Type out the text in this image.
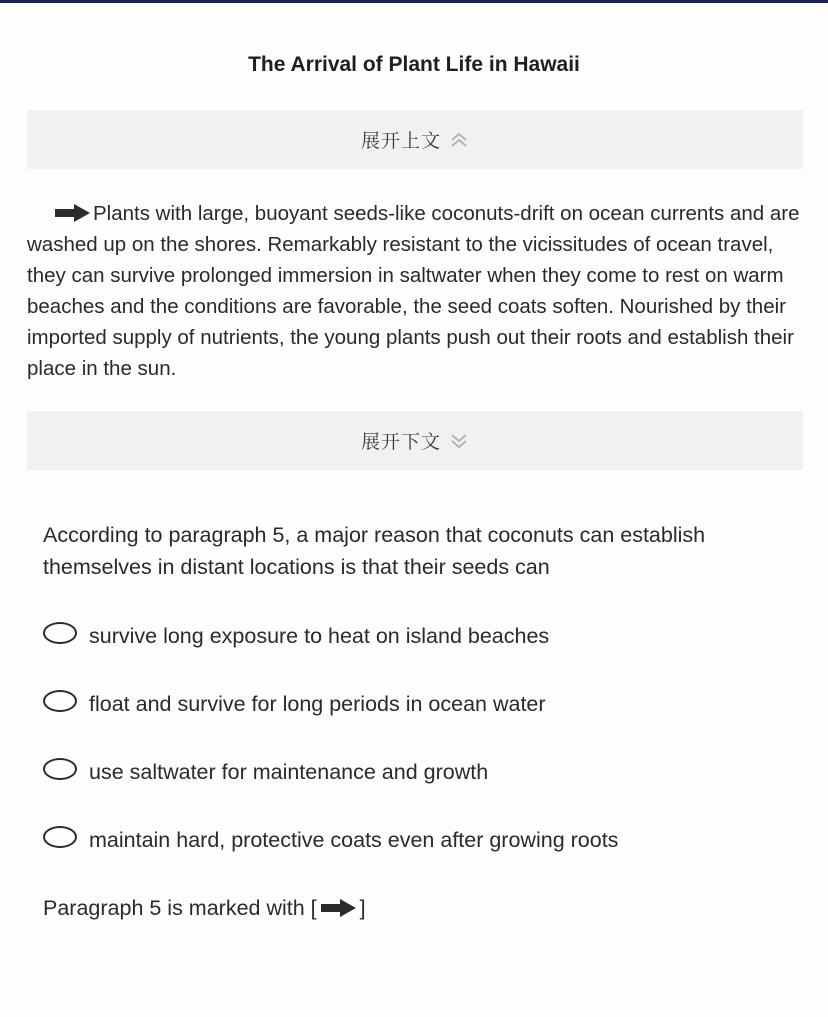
The Arrival of Plant Life in Hawaii
展开上文

Plants with large, buoyant seeds-like coconuts-drift on ocean currents and are washed up on the shores. Remarkably resistant to the vicissitudes of ocean travel, they can survive prolonged immersion in saltwater when they come to rest on warm beaches and the conditions are favorable, the seed coats soften. Nourished by their imported supply of nutrients, the young plants push out their roots and establish their place in the sun.

展开下文

According to paragraph 5, a major reason that coconuts can establish themselves in distant locations is that their seeds can

survive long exposure to heat on island beaches
float and survive for long periods in ocean water
use saltwater for maintenance and growth
maintain hard, protective coats even after growing roots
Paragraph 5 is marked with [ ]
